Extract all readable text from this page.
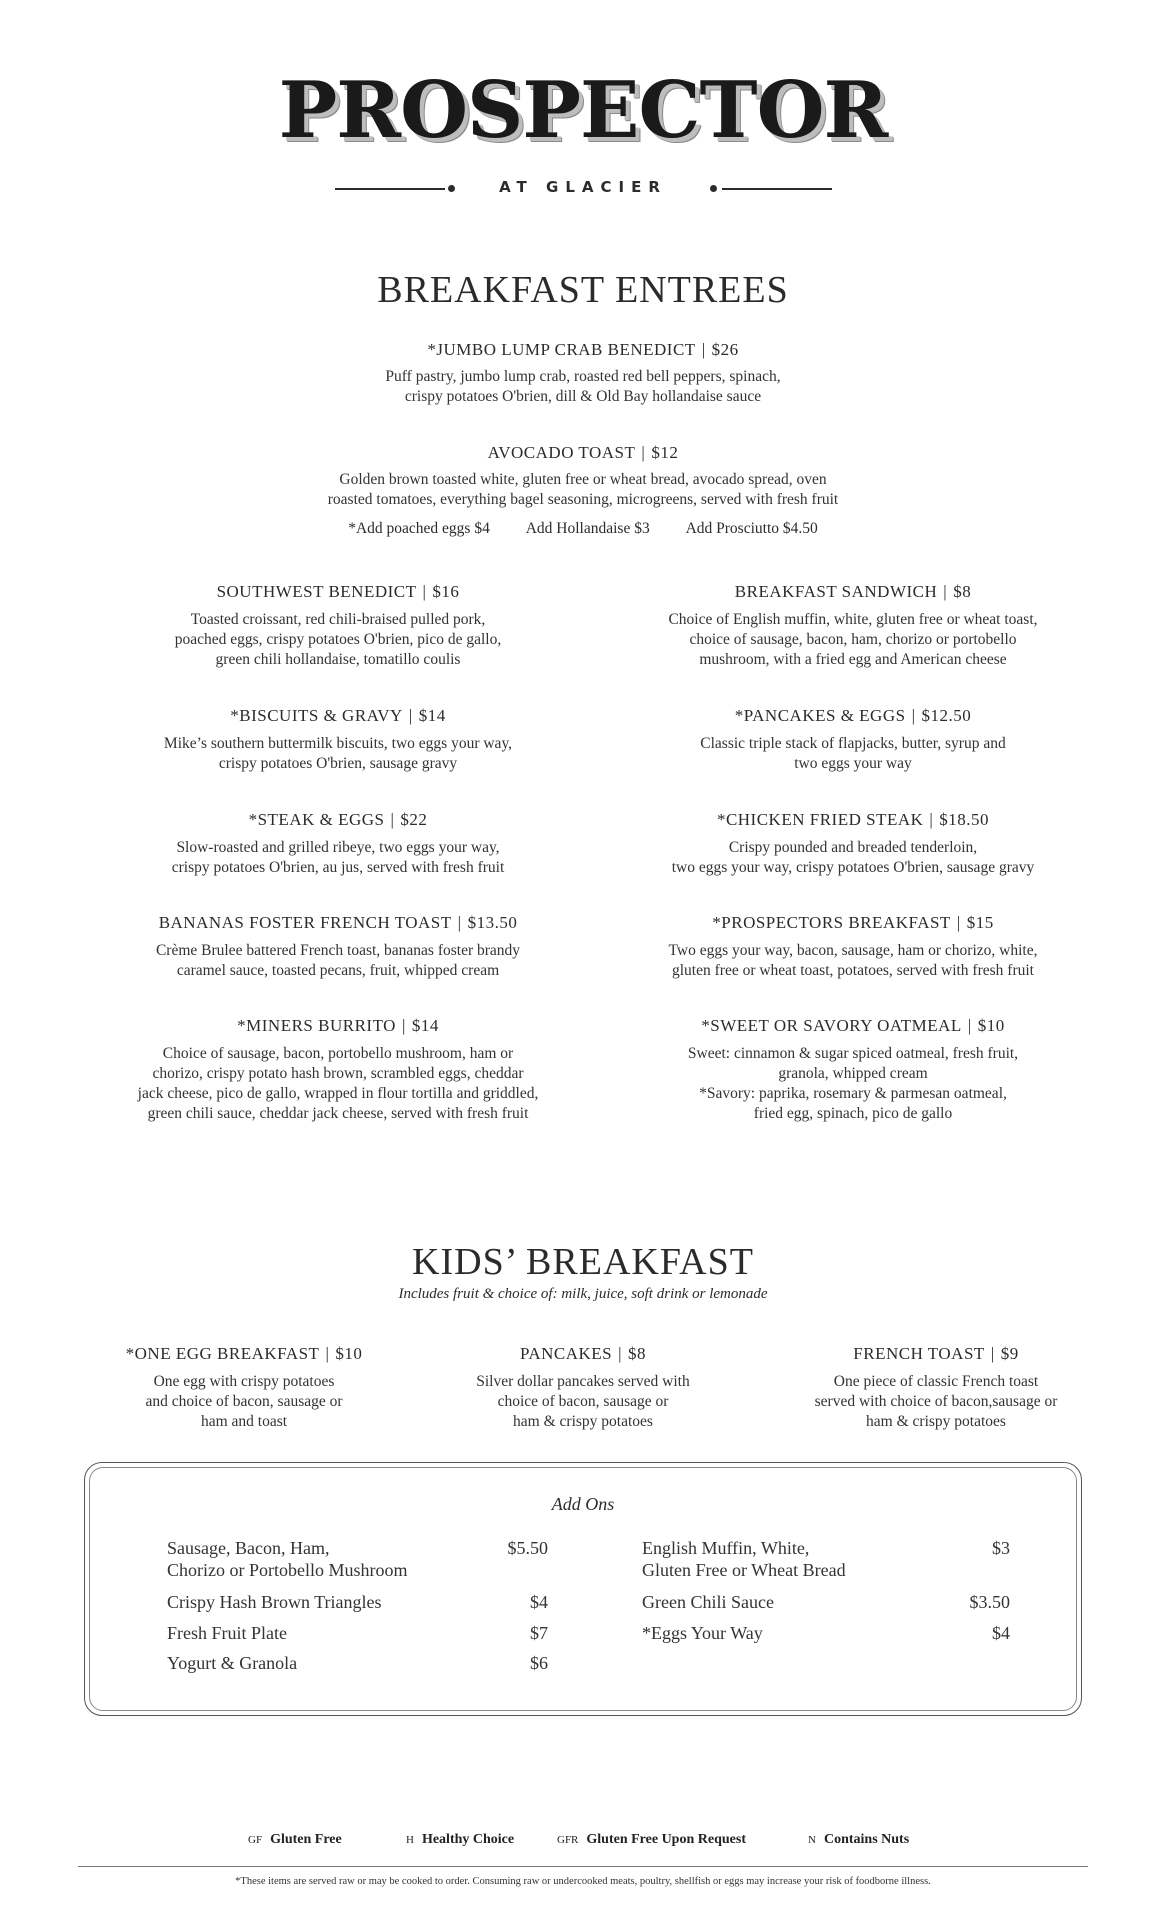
PROSPECTOR
AT GLACIER
BREAKFAST ENTREES
*JUMBO LUMP CRAB BENEDICT | $26
Puff pastry, jumbo lump crab, roasted red bell peppers, spinach,
crispy potatoes O'brien, dill & Old Bay hollandaise sauce
AVOCADO TOAST | $12
Golden brown toasted white, gluten free or wheat bread, avocado spread, oven
roasted tomatoes, everything bagel seasoning, microgreens, served with fresh fruit
*Add poached eggs $4 Add Hollandaise $3 Add Prosciutto $4.50
SOUTHWEST BENEDICT | $16
Toasted croissant, red chili-braised pulled pork,
poached eggs, crispy potatoes O'brien, pico de gallo,
green chili hollandaise, tomatillo coulis
*BISCUITS & GRAVY | $14
Mike’s southern buttermilk biscuits, two eggs your way,
crispy potatoes O'brien, sausage gravy
*STEAK & EGGS | $22
Slow-roasted and grilled ribeye, two eggs your way,
crispy potatoes O'brien, au jus, served with fresh fruit
BANANAS FOSTER FRENCH TOAST | $13.50
Crème Brulee battered French toast, bananas foster brandy
caramel sauce, toasted pecans, fruit, whipped cream
*MINERS BURRITO | $14
Choice of sausage, bacon, portobello mushroom, ham or
chorizo, crispy potato hash brown, scrambled eggs, cheddar
jack cheese, pico de gallo, wrapped in flour tortilla and griddled,
green chili sauce, cheddar jack cheese, served with fresh fruit
BREAKFAST SANDWICH | $8
Choice of English muffin, white, gluten free or wheat toast,
choice of sausage, bacon, ham, chorizo or portobello
mushroom, with a fried egg and American cheese
*PANCAKES & EGGS | $12.50
Classic triple stack of flapjacks, butter, syrup and
two eggs your way
*CHICKEN FRIED STEAK | $18.50
Crispy pounded and breaded tenderloin,
two eggs your way, crispy potatoes O'brien, sausage gravy
*PROSPECTORS BREAKFAST | $15
Two eggs your way, bacon, sausage, ham or chorizo, white,
gluten free or wheat toast, potatoes, served with fresh fruit
*SWEET OR SAVORY OATMEAL | $10
Sweet: cinnamon & sugar spiced oatmeal, fresh fruit,
granola, whipped cream
*Savory: paprika, rosemary & parmesan oatmeal,
fried egg, spinach, pico de gallo
KIDS’ BREAKFAST
Includes fruit & choice of: milk, juice, soft drink or lemonade
*ONE EGG BREAKFAST | $10
One egg with crispy potatoes
and choice of bacon, sausage or
ham and toast
PANCAKES | $8
Silver dollar pancakes served with
choice of bacon, sausage or
ham & crispy potatoes
FRENCH TOAST | $9
One piece of classic French toast
served with choice of bacon,sausage or
ham & crispy potatoes
Add Ons
Sausage, Bacon, Ham,
Chorizo or Portobello Mushroom
$5.50
Crispy Hash Brown Triangles	$4
Fresh Fruit Plate	$7
Yogurt & Granola	$6
English Muffin, White,
Gluten Free or Wheat Bread
$3
Green Chili Sauce	$3.50
*Eggs Your Way	$4
GF Gluten Free	H Healthy Choice	GFR Gluten Free Upon Request	N Contains Nuts
*These items are served raw or may be cooked to order. Consuming raw or undercooked meats, poultry, shellfish or eggs may increase your risk of foodborne illness.
